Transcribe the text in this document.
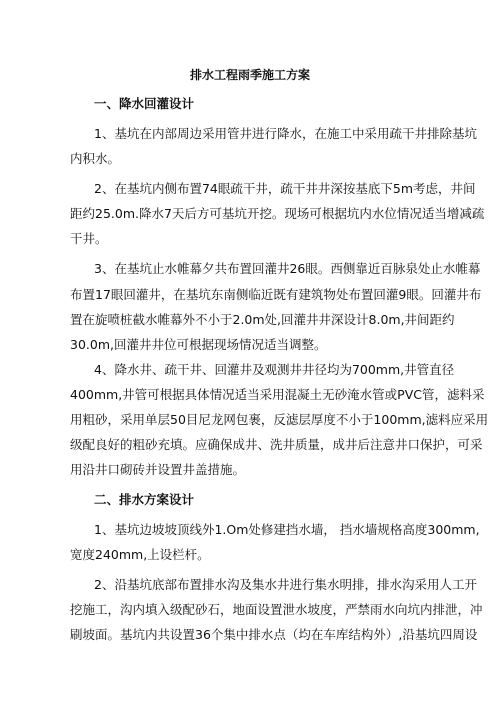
排水工程雨季施工方案
一、降水回灌设计
1、基坑在内部周边采用管井进行降水，在施工中采用疏干井排除基坑
内积水。
2、在基坑内侧布置74眼疏干井，疏干井井深按基底下5m考虑，井间
距约25.0m.降水7天后方可基坑开挖。现场可根据坑内水位情况适当增减疏
干井。
3、在基坑止水帷幕夕共布置回灌井26眼。西侧靠近百脉泉处止水帷幕
布置17眼回灌井，在基坑东南侧临近既有建筑物处布置回灌9眼。回灌井布
置在旋喷桩截水帷幕外不小于2.0m处,回灌井井深设计8.0m,井间距约
30.0m,回灌井井位可根据现场情况适当调整。
4、降水井、疏干井、回灌井及观测井井径均为700mm,井管直径
400mm,井管可根据具体情况适当采用混凝土无砂淹水管或PVC管，滤料采
用粗砂，采用单层50目尼龙网包裹，反滤层厚度不小于100mm,滤料应采用
级配良好的粗砂充填。应确保成井、洗井质量，成井后注意井口保护，可采
用沿井口砌砖并设置井盖措施。
二、排水方案设计
1、基坑边坡坡顶线外1.Om处修建挡水墙， 挡水墙规格高度300mm,
宽度240mm,上设栏杆。
2、沿基坑底部布置排水沟及集水井进行集水明排，排水沟采用人工开
挖施工，沟内填入级配砂石，地面设置泄水坡度，严禁雨水向坑内排泄，冲
刷坡面。基坑内共设置36个集中排水点（均在车库结构外）,沿基坑四周设
